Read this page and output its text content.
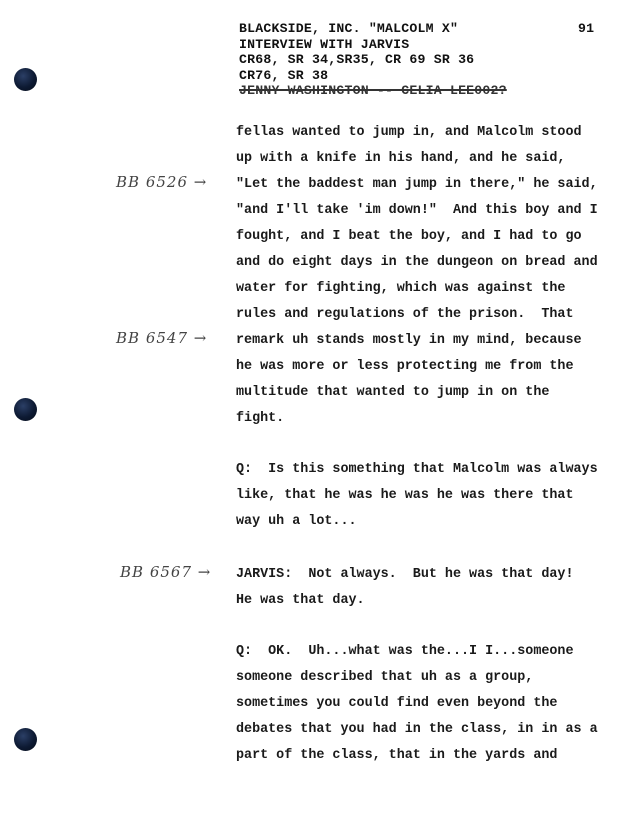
BLACKSIDE, INC. "MALCOLM X"
INTERVIEW WITH JARVIS
CR68, SR 34,SR35, CR 69 SR 36
CR76, SR 38
JENNY WASHINGTON -- CELIA LEE002?
91
BB 6526 →
BB 6547 →
BB 6567 →
fellas wanted to jump in, and Malcolm stood
up with a knife in his hand, and he said,
"Let the baddest man jump in there," he said,
"and I'll take 'im down!"  And this boy and I
fought, and I beat the boy, and I had to go
and do eight days in the dungeon on bread and
water for fighting, which was against the
rules and regulations of the prison.  That
remark uh stands mostly in my mind, because
he was more or less protecting me from the
multitude that wanted to jump in on the
fight.
Q:  Is this something that Malcolm was always
like, that he was he was he was there that
way uh a lot...
JARVIS:  Not always.  But he was that day!
He was that day.
Q:  OK.  Uh...what was the...I I...someone
someone described that uh as a group,
sometimes you could find even beyond the
debates that you had in the class, in in as a
part of the class, that in the yards and
